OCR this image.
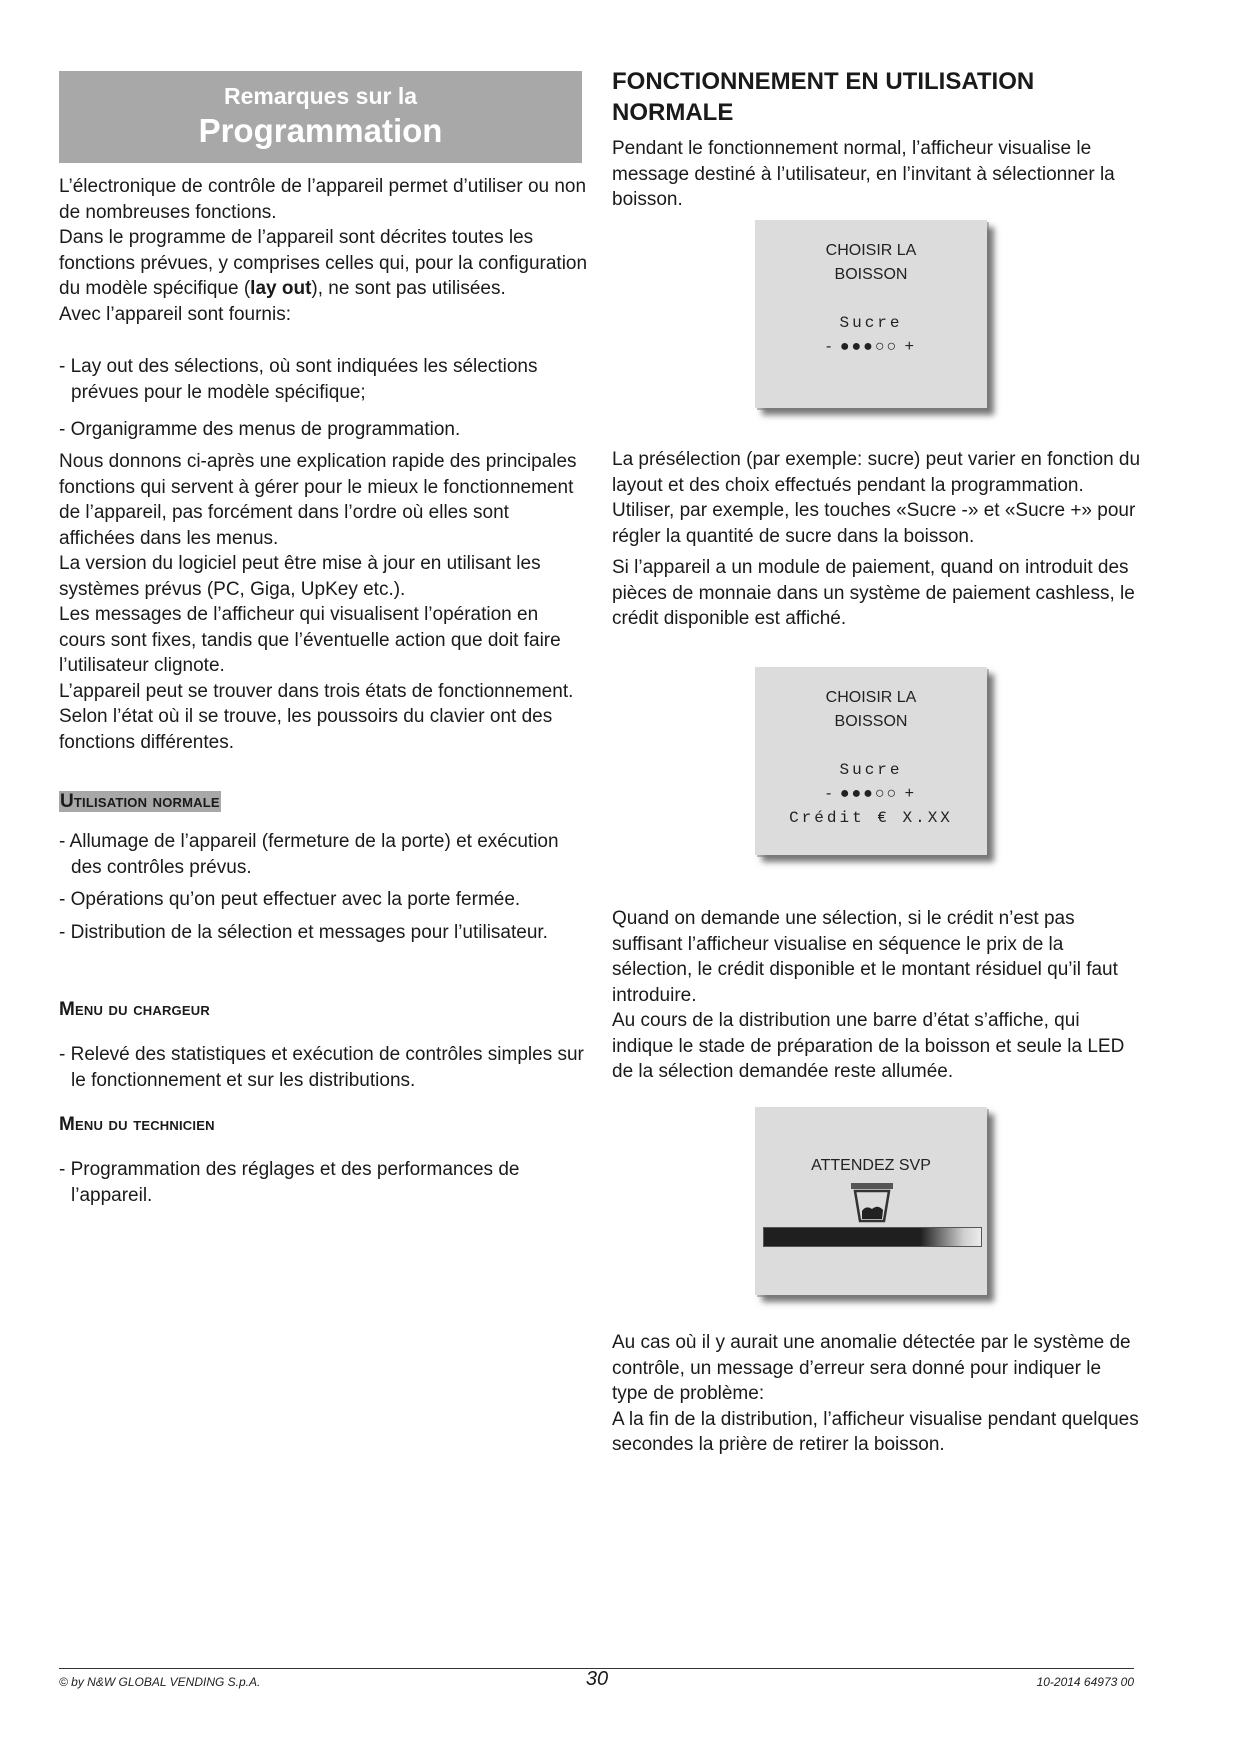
Remarques sur la
Programmation

L’électronique de contrôle de l’appareil permet d’utiliser ou non de nombreuses fonctions.

Dans le programme de l’appareil sont décrites toutes les fonctions prévues, y comprises celles qui, pour la configuration du modèle spécifique (lay out), ne sont pas utilisées.

Avec l’appareil sont fournis:

- Lay out des sélections, où sont indiquées les sélections prévues pour le modèle spécifique;

- Organigramme des menus de programmation.

Nous donnons ci-après une explication rapide des principales fonctions qui servent à gérer pour le mieux le fonctionnement de l’appareil, pas forcément dans l’ordre où elles sont affichées dans les menus.

La version du logiciel peut être mise à jour en utilisant les systèmes prévus (PC, Giga, UpKey etc.).

Les messages de l’afficheur qui visualisent l’opération en cours sont fixes, tandis que l’éventuelle action que doit faire l’utilisateur clignote.

L’appareil peut se trouver dans trois états de fonctionnement.

Selon l’état où il se trouve, les poussoirs du clavier ont des fonctions différentes.

Utilisation normale

- Allumage de l’appareil (fermeture de la porte) et exécution des contrôles prévus.

- Opérations qu’on peut effectuer avec la porte fermée.

- Distribution de la sélection et messages pour l’utilisateur.

Menu du chargeur

- Relevé des statistiques et exécution de contrôles simples sur le fonctionnement et sur les distributions.

Menu du technicien

- Programmation des réglages et des performances de l’appareil.

FONCTIONNEMENT EN UTILISATION NORMALE

Pendant le fonctionnement normal, l’afficheur visualise le message destiné à l’utilisateur, en l’invitant à sélectionner la boisson.

CHOISIR LA
BOISSON
Sucre
- ●●●○○ +

La présélection (par exemple: sucre) peut varier en fonction du layout et des choix effectués pendant la programmation.

Utiliser, par exemple, les touches «Sucre -» et «Sucre +» pour régler la quantité de sucre dans la boisson.

Si l’appareil a un module de paiement, quand on introduit des pièces de monnaie dans un système de paiement cashless, le crédit disponible est affiché.

CHOISIR LA
BOISSON
Sucre
- ●●●○○ +
Crédit € X.XX

Quand on demande une sélection, si le crédit n’est pas suffisant l’afficheur visualise en séquence le prix de la sélection, le crédit disponible et le montant résiduel qu’il faut introduire.

Au cours de la distribution une barre d’état s’affiche, qui indique le stade de préparation de la boisson et seule la LED de la sélection demandée reste allumée.

ATTENDEZ SVP

Au cas où il y aurait une anomalie détectée par le système de contrôle, un message d’erreur sera donné pour indiquer le type de problème:

A la fin de la distribution, l’afficheur visualise pendant quelques secondes la prière de retirer la boisson.

© by N&W GLOBAL VENDING S.p.A.	30	10-2014 64973 00
